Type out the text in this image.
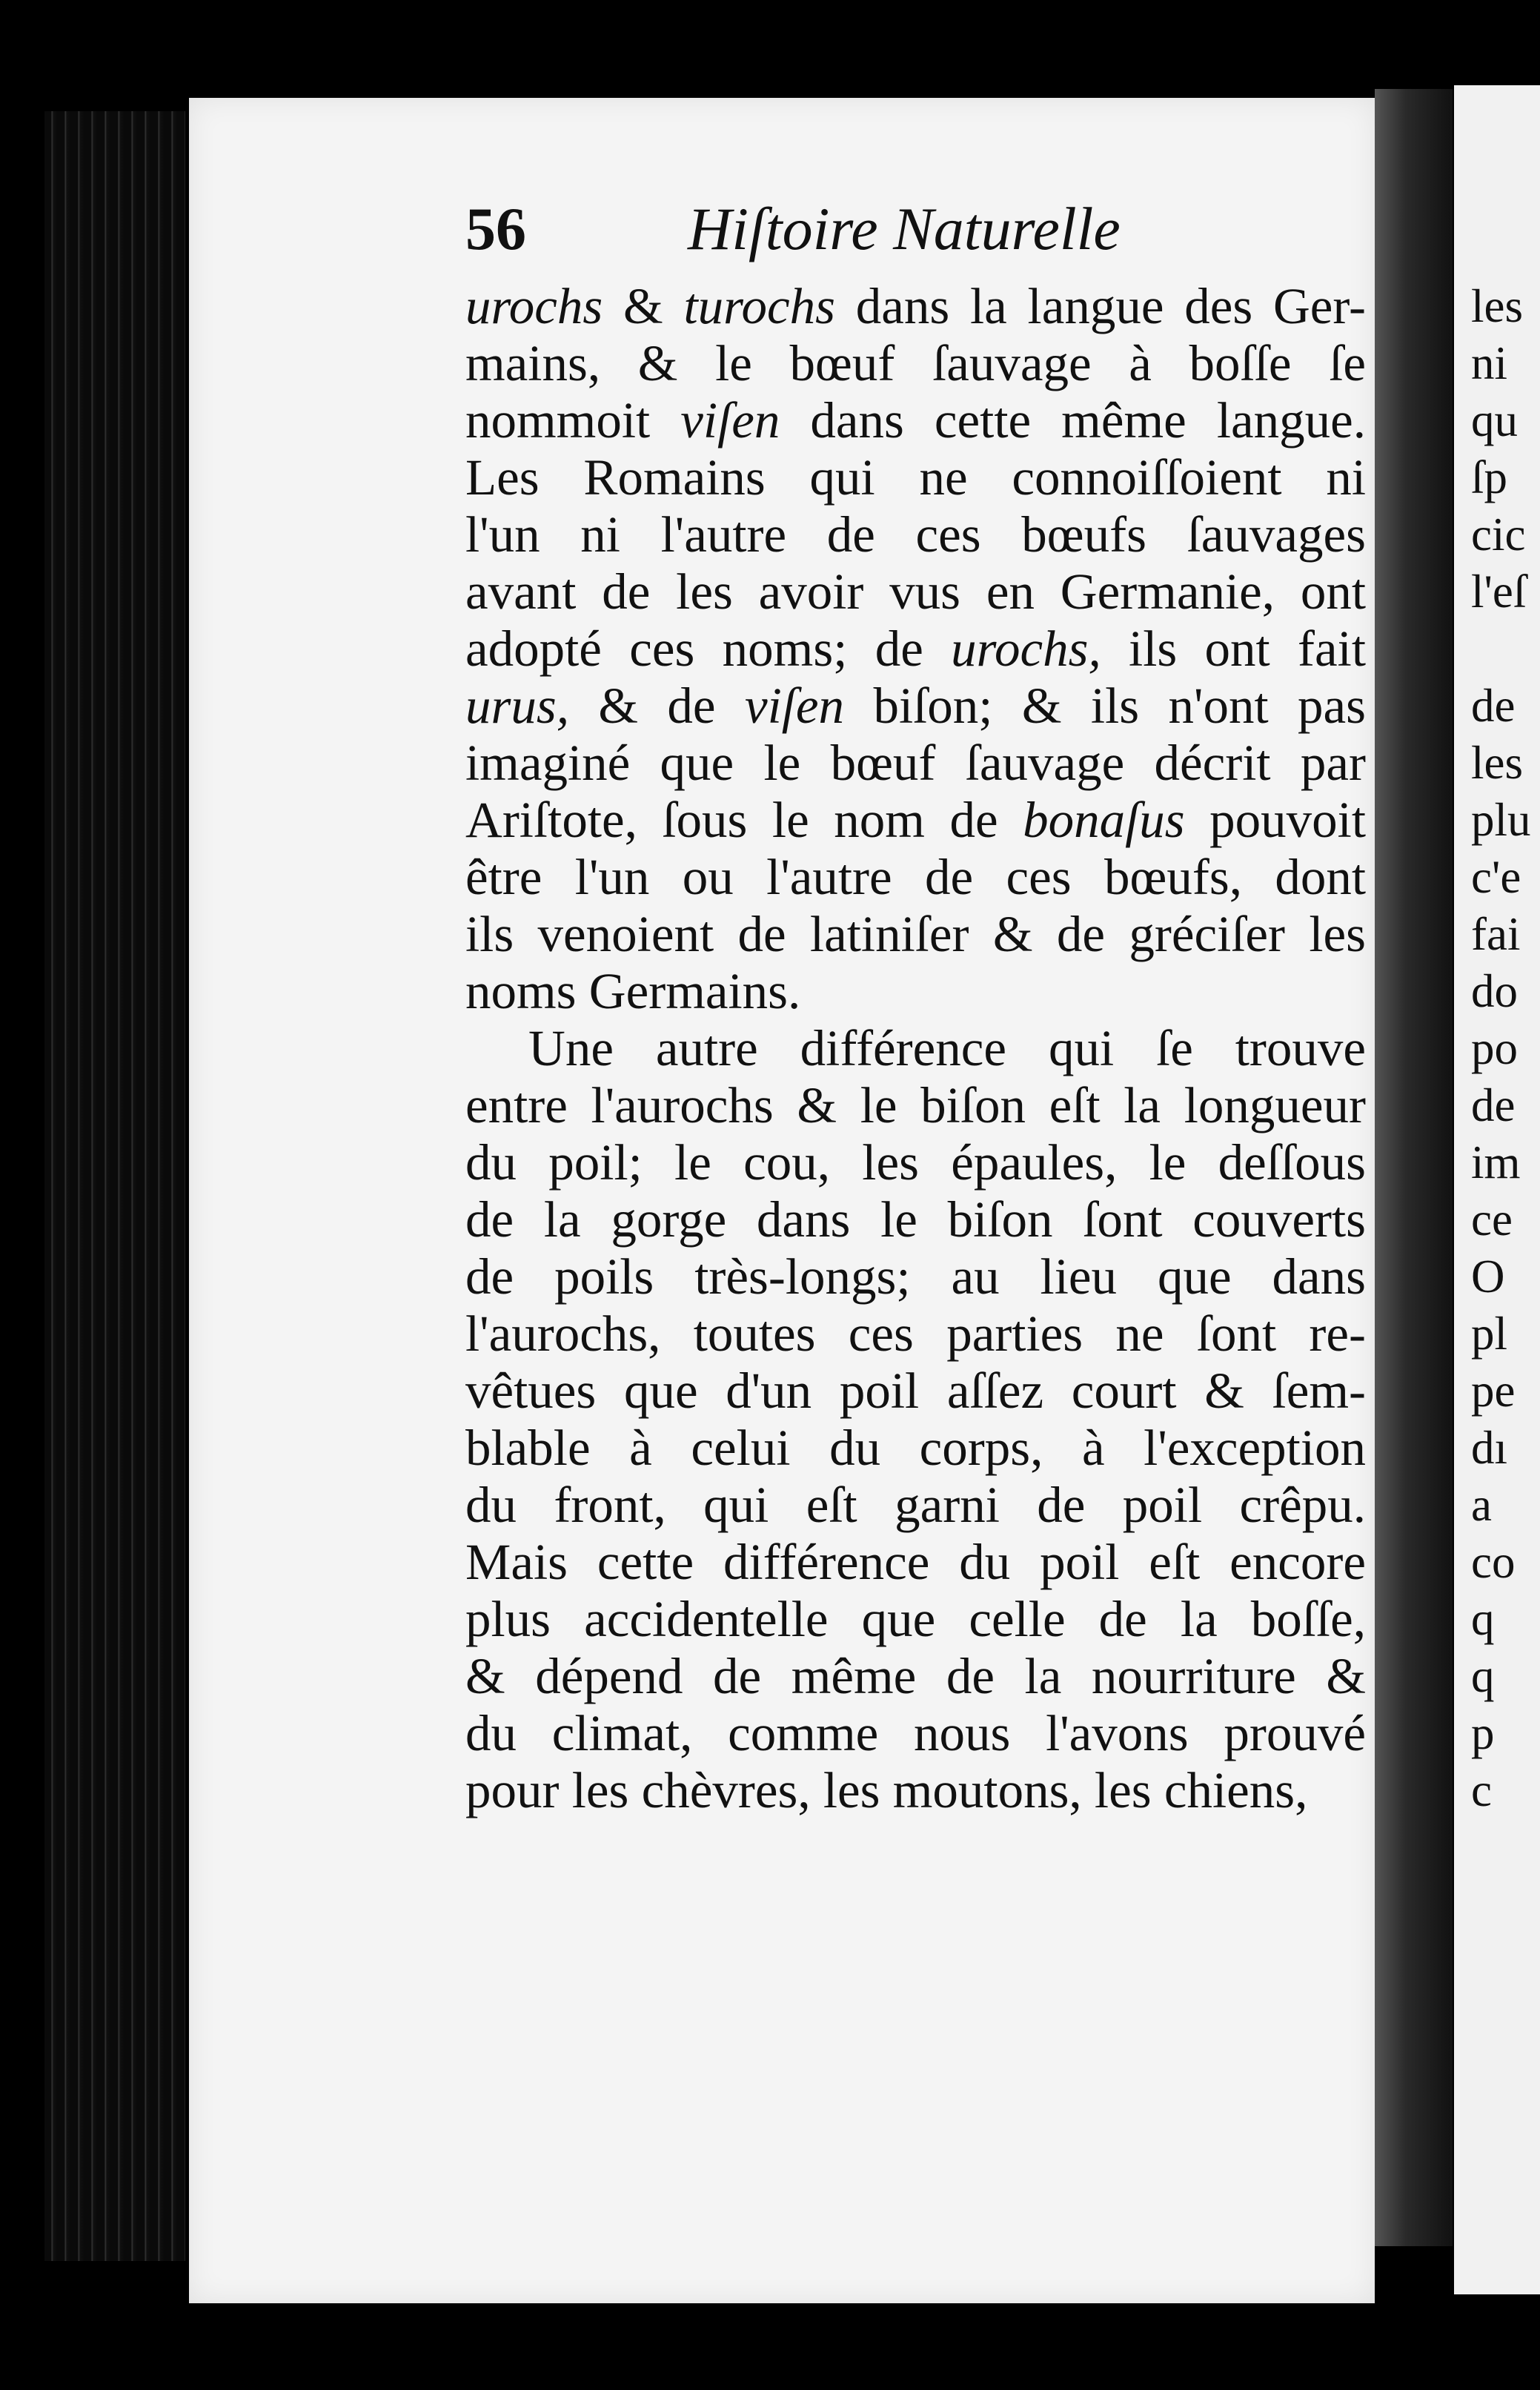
56	Hiſtoire Naturelle
urochs & turochs dans la langue des Ger-
mains, & le bœuf ſauvage à boſſe ſe
nommoit viſen dans cette même langue.
Les Romains qui ne connoiſſoient ni
l'un ni l'autre de ces bœufs ſauvages
avant de les avoir vus en Germanie, ont
adopté ces noms; de urochs, ils ont fait
urus, & de viſen biſon; & ils n'ont pas
imaginé que le bœuf ſauvage décrit par
Ariſtote, ſous le nom de bonaſus pouvoit
être l'un ou l'autre de ces bœufs, dont
ils venoient de latiniſer & de gréciſer les
noms Germains.
Une autre différence qui ſe trouve
entre l'aurochs & le biſon eſt la longueur
du poil; le cou, les épaules, le deſſous
de la gorge dans le biſon ſont couverts
de poils très-longs; au lieu que dans
l'aurochs, toutes ces parties ne ſont re-
vêtues que d'un poil aſſez court & ſem-
blable à celui du corps, à l'exception
du front, qui eſt garni de poil crêpu.
Mais cette différence du poil eſt encore
plus accidentelle que celle de la boſſe,
& dépend de même de la nourriture &
du climat, comme nous l'avons prouvé
pour les chèvres, les moutons, les chiens,
les
ni
qu
ſp
cic
l'eſ
de
les
plu
c'e
fai
do
po
de
im
ce
O
pl
pe
dı
a
co
q
q
p
c
